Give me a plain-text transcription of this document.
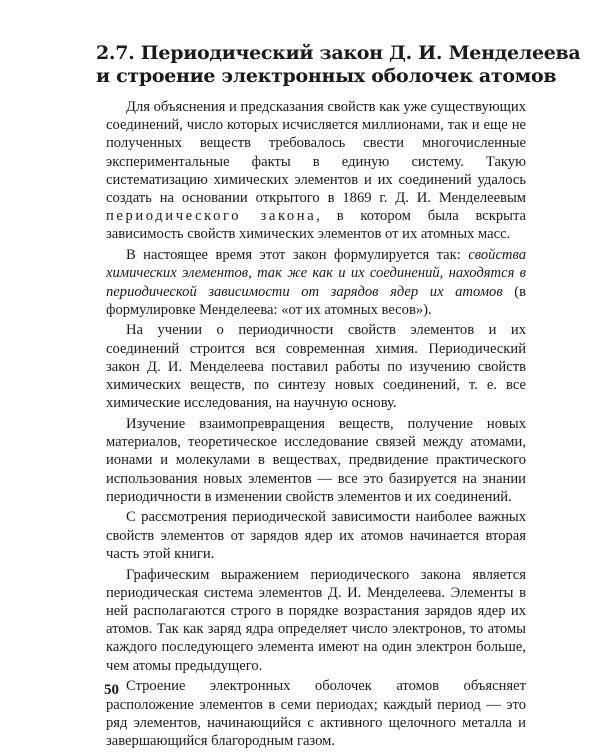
2.7. Периодический закон Д. И. Менделеева
и строение электронных оболочек атомов

Для объяснения и предсказания свойств как уже существующих соединений, число которых исчисляется миллионами, так и еще не полученных веществ требовалось свести многочисленные экспериментальные факты в единую систему. Такую систематизацию химических элементов и их соединений удалось создать на основании открытого в 1869 г. Д. И. Менделеевым периодического закона, в котором была вскрыта зависимость свойств химических элементов от их атомных масс.

В настоящее время этот закон формулируется так: свойства химических элементов, так же как и их соединений, находятся в периодической зависимости от зарядов ядер их атомов (в формулировке Менделеева: «от их атомных весов»).

На учении о периодичности свойств элементов и их соединений строится вся современная химия. Периодический закон Д. И. Менделеева поставил работы по изучению свойств химических веществ, по синтезу новых соединений, т. е. все химические исследования, на научную основу.

Изучение взаимопревращения веществ, получение новых материалов, теоретическое исследование связей между атомами, ионами и молекулами в веществах, предвидение практического использования новых элементов — все это базируется на знании периодичности в изменении свойств элементов и их соединений.

С рассмотрения периодической зависимости наиболее важных свойств элементов от зарядов ядер их атомов начинается вторая часть этой книги.

Графическим выражением периодического закона является периодическая система элементов Д. И. Менделеева. Элементы в ней располагаются строго в порядке возрастания зарядов ядер их атомов. Так как заряд ядра определяет число электронов, то атомы каждого последующего элемента имеют на один электрон больше, чем атомы предыдущего.

Строение электронных оболочек атомов объясняет расположение элементов в семи периодах; каждый период — это ряд элементов, начинающийся с активного щелочного металла и завершающийся благородным газом.

50
